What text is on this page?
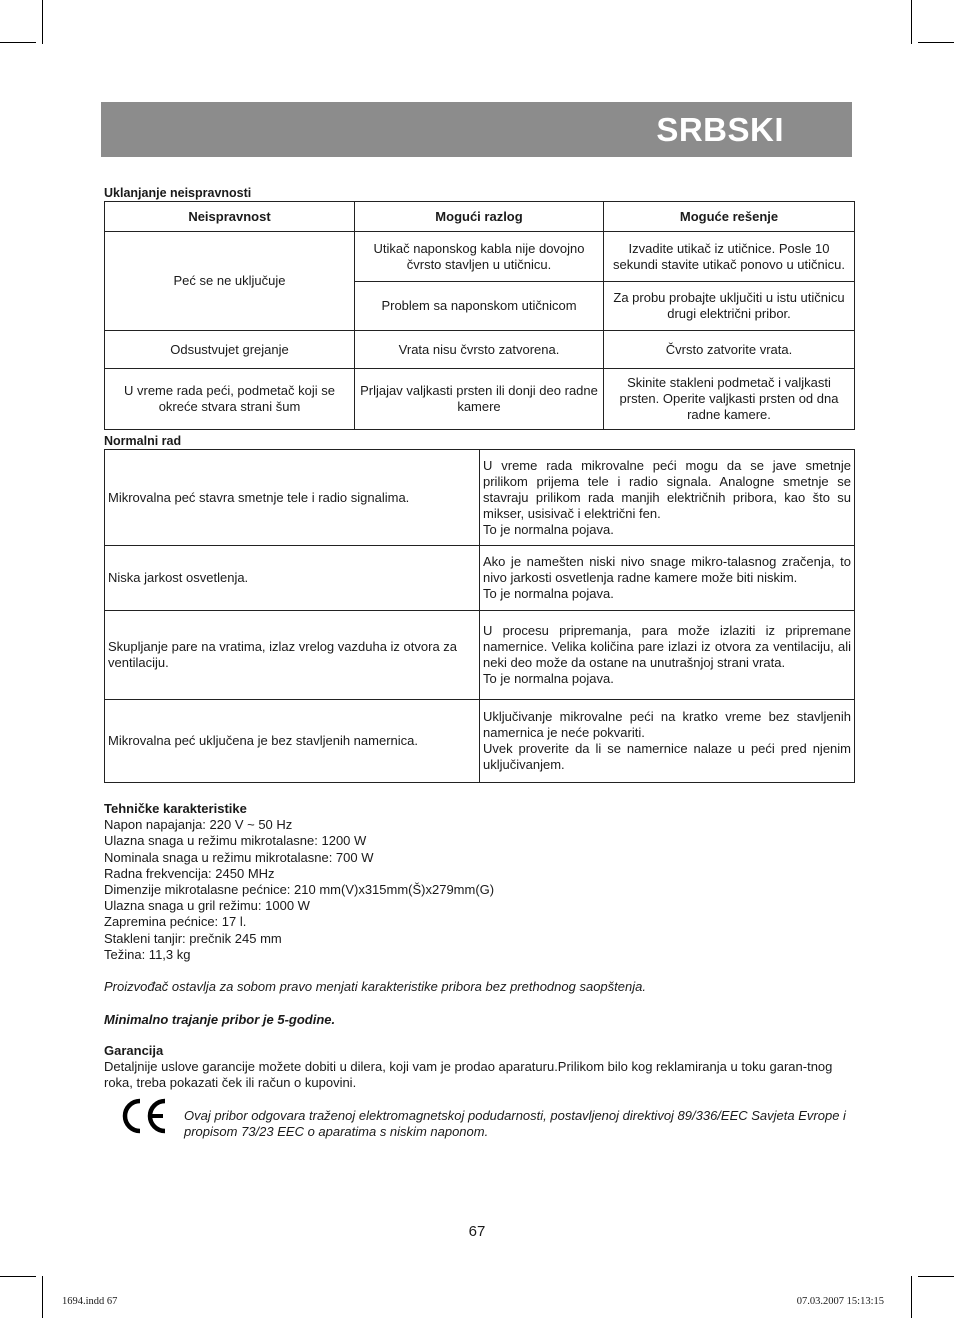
SRBSKI
Uklanjanje neispravnosti
Neispravnost	Mogući razlog	Moguće rešenje
Peć se ne uključuje	Utikač naponskog kabla nije dovojno čvrsto stavljen u utičnicu.	Izvadite utikač iz utičnice. Posle 10 sekundi stavite utikač ponovo u utičnicu.
	Problem sa naponskom utičnicom	Za probu probajte uključiti u istu utičnicu drugi električni pribor.
Odsustvujet grejanje	Vrata nisu čvrsto zatvorena.	Čvrsto zatvorite vrata.
U vreme rada peći, podmetač koji se okreće stvara strani šum	Prljajav valjkasti prsten ili donji deo radne kamere	Skinite stakleni podmetač i valjkasti prsten. Operite valjkasti prsten od dna radne kamere.
Normalni rad
Mikrovalna peć stavra smetnje tele i radio signalima.	U vreme rada mikrovalne peći mogu da se jave smetnje prilikom prijema tele i radio signala. Analogne smetnje se stavraju prilikom rada manjih električnih pribora, kao što su mikser, usisivač i električni fen.
To je normalna pojava.

Niska jarkost osvetlenja.	Ako je namešten niski nivo snage mikro-talasnog zračenja, to nivo jarkosti osvetlenja radne kamere može biti niskim.
To je normalna pojava.

Skupljanje pare na vratima, izlaz vrelog vazduha iz otvora za ventilaciju.	U procesu pripremanja, para može izlaziti iz pripremane namernice. Velika količina pare izlazi iz otvora za ventilaciju, ali neki deo može da ostane na unutrašnjoj strani vrata.
To je normalna pojava.

Mikrovalna peć uključena je bez stavljenih namernica.	Uključivanje mikrovalne peći na kratko vreme bez stavljenih namernica je neće pokvariti.
Uvek proverite da li se namernice nalaze u peći pred njenim uključivanjem.
Tehničke karakteristike
Napon napajanja: 220 V ~ 50 Hz
Ulazna snaga u režimu mikrotalasne: 1200 W
Nominala snaga u režimu mikrotalasne: 700 W
Radna frekvencija: 2450 MHz
Dimenzije mikrotalasne pećnice: 210 mm(V)x315mm(Š)x279mm(G)
Ulazna snaga u gril režimu: 1000 W
Zapremina pećnice: 17 l.
Stakleni tanjir: prečnik 245 mm
Težina: 11,3 kg
Proizvođač ostavlja za sobom pravo menjati karakteristike pribora bez prethodnog saopštenja.
Minimalno trajanje pribor je 5-godine.
Garancija
Detaljnije uslove garancije možete dobiti u dilera, koji vam je prodao aparaturu.Prilikom bilo kog reklamiranja u toku garan-tnog roka, treba pokazati ček ili račun o kupovini.
Ovaj pribor odgovara traženoj elektromagnetskoj podudarnosti, postavljenoj direktivoj 89/336/EEC Savjeta Evrope i propisom 73/23 EEC o aparatima s niskim naponom.
67
1694.indd 67	07.03.2007 15:13:15
